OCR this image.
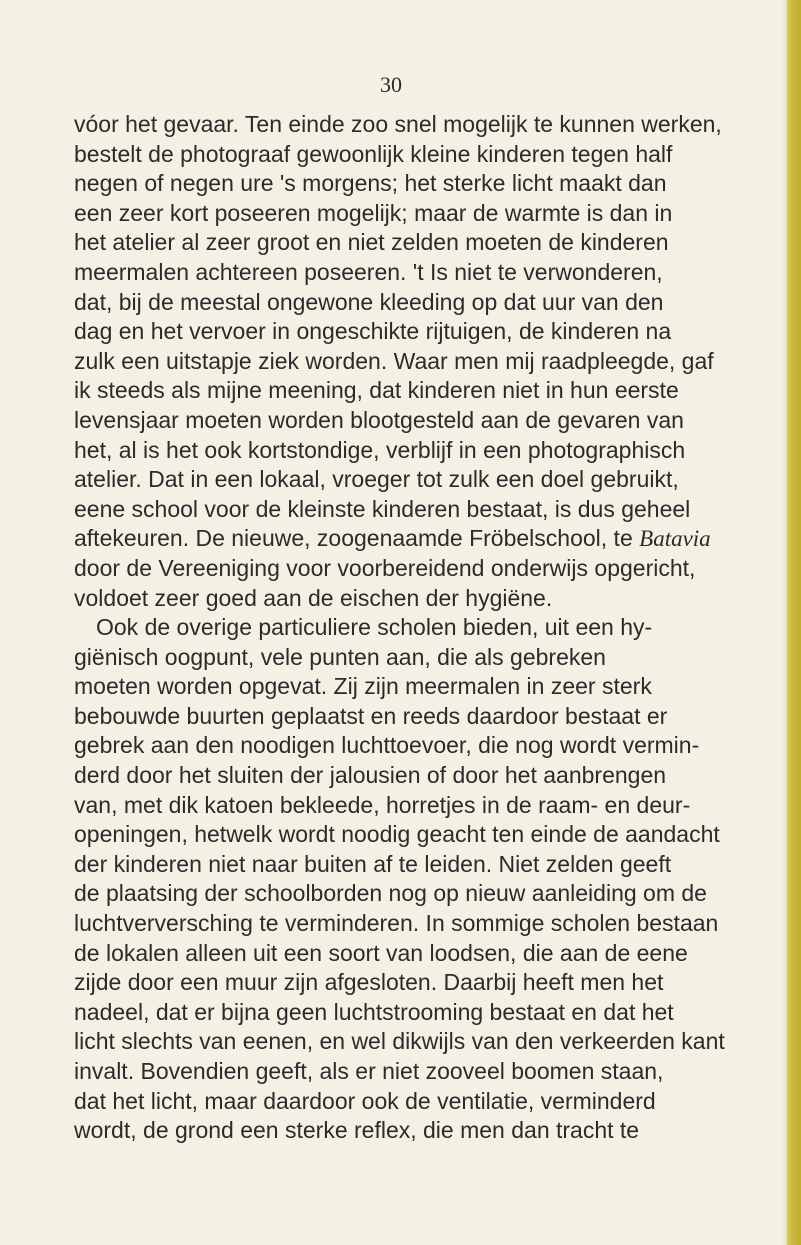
30
vóor het gevaar. Ten einde zoo snel mogelijk te kunnen werken,
bestelt de photograaf gewoonlijk kleine kinderen tegen half
negen of negen ure 's morgens; het sterke licht maakt dan
een zeer kort poseeren mogelijk; maar de warmte is dan in
het atelier al zeer groot en niet zelden moeten de kinderen
meermalen achtereen poseeren. 't Is niet te verwonderen,
dat, bij de meestal ongewone kleeding op dat uur van den
dag en het vervoer in ongeschikte rijtuigen, de kinderen na
zulk een uitstapje ziek worden. Waar men mij raadpleegde, gaf
ik steeds als mijne meening, dat kinderen niet in hun eerste
levensjaar moeten worden blootgesteld aan de gevaren van
het, al is het ook kortstondige, verblijf in een photographisch
atelier. Dat in een lokaal, vroeger tot zulk een doel gebruikt,
eene school voor de kleinste kinderen bestaat, is dus geheel
aftekeuren. De nieuwe, zoogenaamde Fröbelschool, te Batavia
door de Vereeniging voor voorbereidend onderwijs opgericht,
voldoet zeer goed aan de eischen der hygiëne.
Ook de overige particuliere scholen bieden, uit een hy-
giënisch oogpunt, vele punten aan, die als gebreken
moeten worden opgevat. Zij zijn meermalen in zeer sterk
bebouwde buurten geplaatst en reeds daardoor bestaat er
gebrek aan den noodigen luchttoevoer, die nog wordt vermin-
derd door het sluiten der jalousien of door het aanbrengen
van, met dik katoen bekleede, horretjes in de raam- en deur-
openingen, hetwelk wordt noodig geacht ten einde de aandacht
der kinderen niet naar buiten af te leiden. Niet zelden geeft
de plaatsing der schoolborden nog op nieuw aanleiding om de
luchtverversching te verminderen. In sommige scholen bestaan
de lokalen alleen uit een soort van loodsen, die aan de eene
zijde door een muur zijn afgesloten. Daarbij heeft men het
nadeel, dat er bijna geen luchtstrooming bestaat en dat het
licht slechts van eenen, en wel dikwijls van den verkeerden kant
invalt. Bovendien geeft, als er niet zooveel boomen staan,
dat het licht, maar daardoor ook de ventilatie, verminderd
wordt, de grond een sterke reflex, die men dan tracht te
